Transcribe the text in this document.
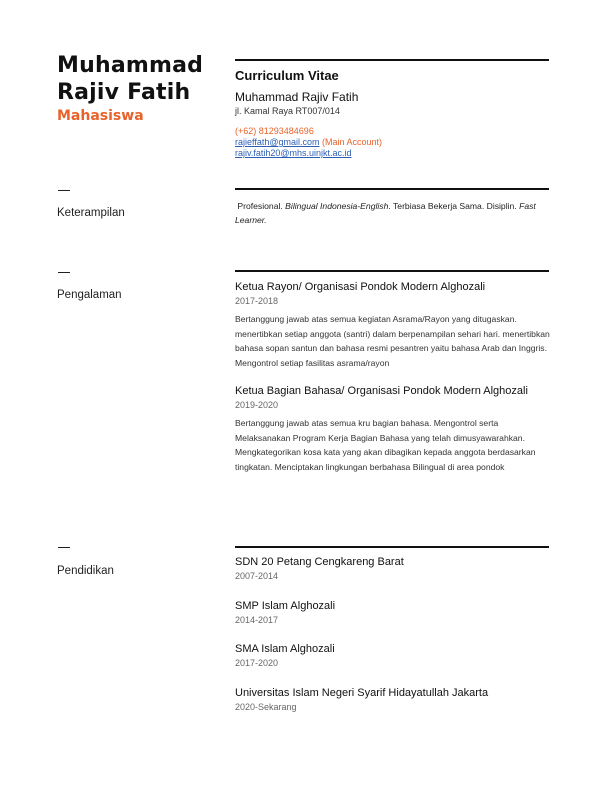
Muhammad
Rajiv Fatih
Mahasiswa
Curriculum Vitae
Muhammad Rajiv Fatih
jl. Kamal Raya RT007/014
(+62) 81293484696
rajieffath@gmail.com (Main Account)
rajiv.fatih20@mhs.uinjkt.ac.id
Keterampilan
Profesional. Bilingual Indonesia-English. Terbiasa Bekerja Sama. Disiplin. Fast Learner.
Pengalaman
Ketua Rayon/ Organisasi Pondok Modern Alghozali
2017-2018
Bertanggung jawab atas semua kegiatan Asrama/Rayon yang ditugaskan. menertibkan setiap anggota (santri) dalam berpenampilan sehari hari. menertibkan bahasa sopan santun dan bahasa resmi pesantren yaitu bahasa Arab dan Inggris. Mengontrol setiap fasilitas asrama/rayon
Ketua Bagian Bahasa/ Organisasi Pondok Modern Alghozali
2019-2020
Bertanggung jawab atas semua kru bagian bahasa. Mengontrol serta Melaksanakan Program Kerja Bagian Bahasa yang telah dimusyawarahkan. Mengkategorikan kosa kata yang akan dibagikan kepada anggota berdasarkan tingkatan. Menciptakan lingkungan berbahasa Bilingual di area pondok
Pendidikan
SDN 20 Petang Cengkareng Barat
2007-2014
SMP Islam Alghozali
2014-2017
SMA Islam Alghozali
2017-2020
Universitas Islam Negeri Syarif Hidayatullah Jakarta
2020-Sekarang
